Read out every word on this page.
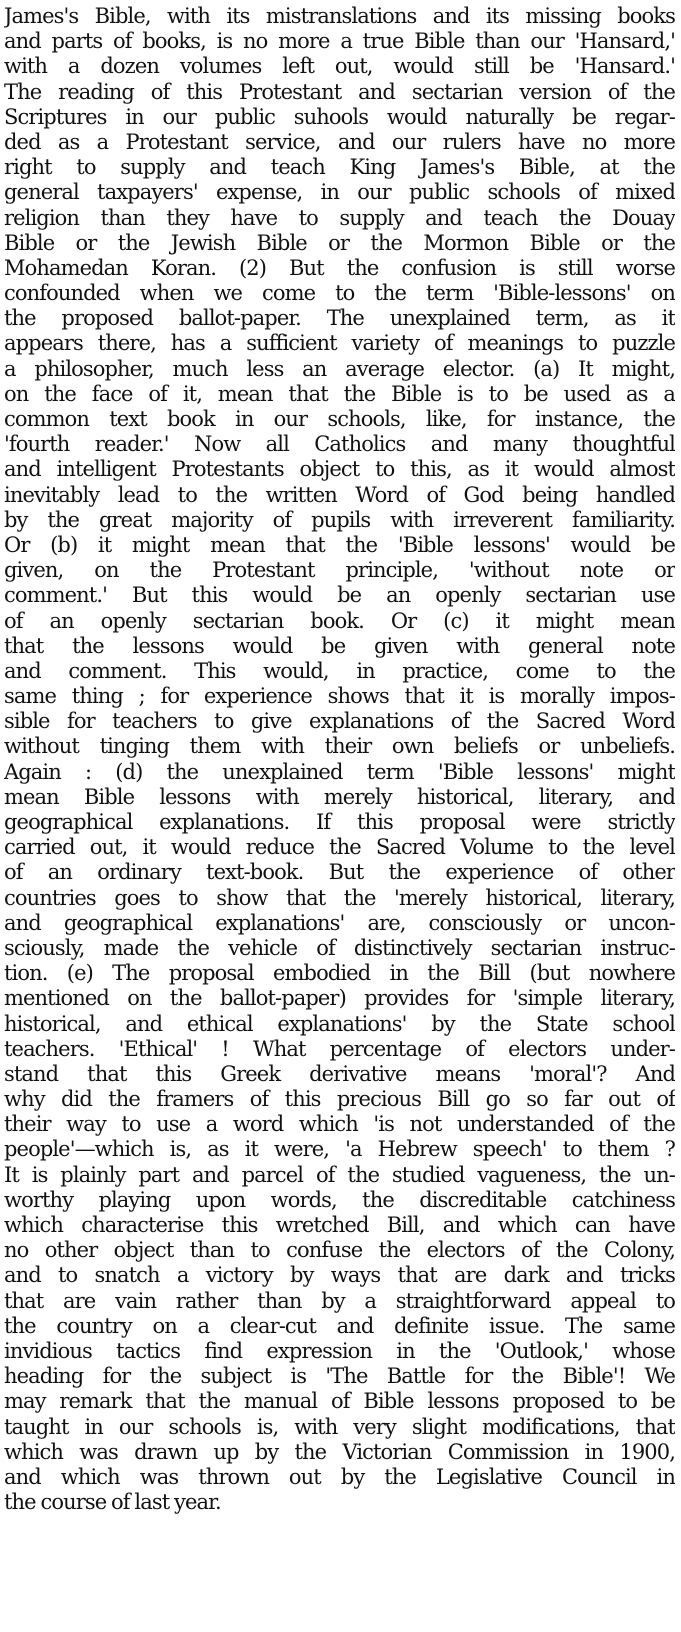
James's Bible, with its mistranslations and its missing books
and parts of books, is no more a true Bible than our 'Hansard,'
with a dozen volumes left out, would still be 'Hansard.'
The reading of this Protestant and sectarian version of the
Scriptures in our public suhools would naturally be regar-
ded as a Protestant service, and our rulers have no more
right to supply and teach King James's Bible, at the
general taxpayers' expense, in our public schools of mixed
religion than they have to supply and teach the Douay
Bible or the Jewish Bible or the Mormon Bible or the
Mohamedan Koran. (2) But the confusion is still worse
confounded when we come to the term 'Bible-lessons' on
the proposed ballot-paper. The unexplained term, as it
appears there, has a sufficient variety of meanings to puzzle
a philosopher, much less an average elector. (a) It might,
on the face of it, mean that the Bible is to be used as a
common text book in our schools, like, for instance, the
'fourth reader.' Now all Catholics and many thoughtful
and intelligent Protestants object to this, as it would almost
inevitably lead to the written Word of God being handled
by the great majority of pupils with irreverent familiarity.
Or (b) it might mean that the 'Bible lessons' would be
given, on the Protestant principle, 'without note or
comment.' But this would be an openly sectarian use
of an openly sectarian book. Or (c) it might mean
that the lessons would be given with general note
and comment. This would, in practice, come to the
same thing ; for experience shows that it is morally impos-
sible for teachers to give explanations of the Sacred Word
without tinging them with their own beliefs or unbeliefs.
Again : (d) the unexplained term 'Bible lessons' might
mean Bible lessons with merely historical, literary, and
geographical explanations. If this proposal were strictly
carried out, it would reduce the Sacred Volume to the level
of an ordinary text-book. But the experience of other
countries goes to show that the 'merely historical, literary,
and geographical explanations' are, consciously or uncon-
sciously, made the vehicle of distinctively sectarian instruc-
tion. (e) The proposal embodied in the Bill (but nowhere
mentioned on the ballot-paper) provides for 'simple literary,
historical, and ethical explanations' by the State school
teachers. 'Ethical' ! What percentage of electors under-
stand that this Greek derivative means 'moral'? And
why did the framers of this precious Bill go so far out of
their way to use a word which 'is not understanded of the
people'—which is, as it were, 'a Hebrew speech' to them ?
It is plainly part and parcel of the studied vagueness, the un-
worthy playing upon words, the discreditable catchiness
which characterise this wretched Bill, and which can have
no other object than to confuse the electors of the Colony,
and to snatch a victory by ways that are dark and tricks
that are vain rather than by a straightforward appeal to
the country on a clear-cut and definite issue. The same
invidious tactics find expression in the 'Outlook,' whose
heading for the subject is 'The Battle for the Bible'! We
may remark that the manual of Bible lessons proposed to be
taught in our schools is, with very slight modifications, that
which was drawn up by the Victorian Commission in 1900,
and which was thrown out by the Legislative Council in
the course of last year.
